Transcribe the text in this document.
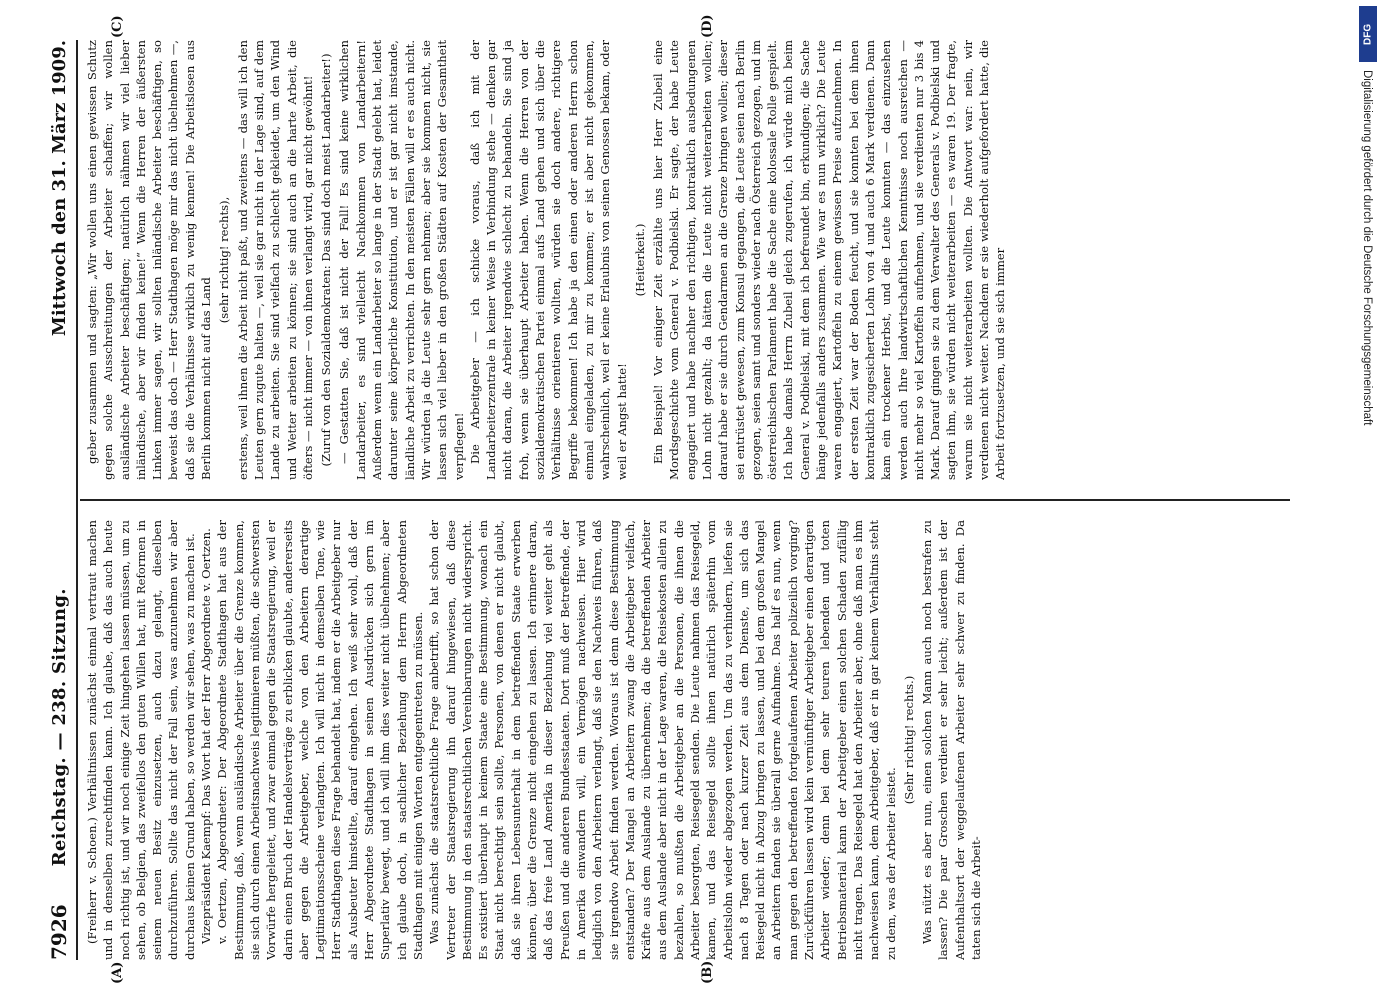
7926
Reichstag. — 238. Sitzung.
Mittwoch den 31. März 1909.
(A)	(B)
(C)	(D)

(Freiherr v. Schoen.) Verhältnissen zunächst einmal vertraut machen und in denselben zurechtfinden kann. Ich glaube, daß das auch heute noch richtig ist, und wir noch einige Zeit hingehen lassen müssen, um zu sehen, ob Belgien, das zweifellos den guten Willen hat, mit Reformen in seinem neuen Besitz einzusetzen, auch dazu gelangt, dieselben durchzuführen. Sollte das nicht der Fall sein, was anzunehmen wir aber durchaus keinen Grund haben, so werden wir sehen, was zu machen ist. Vizepräsident Kaempf: Das Wort hat der Herr Abgeordnete v. Oertzen. v. Oertzen, Abgeordneter: Der Abgeordnete Stadthagen hat aus der Bestimmung, daß, wenn ausländische Arbeiter über die Grenze kommen, sie sich durch einen Arbeitsnachweis legitimieren müßten, die schwersten Vorwürfe hergeleitet, und zwar einmal gegen die Staatsregierung, weil er darin einen Bruch der Handelsverträge zu erblicken glaubte, andererseits aber gegen die Arbeitgeber, welche von den Arbeitern derartige Legitimationsscheine verlangten. Ich will nicht in demselben Tone, wie Herr Stadthagen diese Frage behandelt hat, indem er die Arbeitgeber nur als Ausbeuter hinstellte, darauf eingehen. Ich weiß sehr wohl, daß der Herr Abgeordnete Stadthagen in seinen Ausdrücken sich gern im Superlativ bewegt, und ich will ihm dies weiter nicht übelnehmen; aber ich glaube doch, in sachlicher Beziehung dem Herrn Abgeordneten Stadthagen mit einigen Worten entgegentreten zu müssen. Was zunächst die staatsrechtliche Frage anbetrifft, so hat schon der Vertreter der Staatsregierung ihn darauf hingewiesen, daß diese Bestimmung in den staatsrechtlichen Vereinbarungen nicht widerspricht. Es existiert überhaupt in keinem Staate eine Bestimmung, wonach ein Staat nicht berechtigt sein sollte, Personen, von denen er nicht glaubt, daß sie ihren Lebensunterhalt in dem betreffenden Staate erwerben können, über die Grenze nicht eingehen zu lassen. Ich erinnere daran, daß das freie Land Amerika in dieser Beziehung viel weiter geht als Preußen und die anderen Bundesstaaten. Dort muß der Betreffende, der in Amerika einwandern will, ein Vermögen nachweisen. Hier wird lediglich von den Arbeitern verlangt, daß sie den Nachweis führen, daß sie irgendwo Arbeit finden werden. Woraus ist denn diese Bestimmung entstanden? Der Mangel an Arbeitern zwang die Arbeitgeber vielfach, Kräfte aus dem Auslande zu übernehmen; da die betreffenden Arbeiter aus dem Auslande aber nicht in der Lage waren, die Reisekosten allein zu bezahlen, so mußten die Arbeitgeber an die Personen, die ihnen die Arbeiter besorgten, Reisegeld senden. Die Leute nahmen das Reisegeld, kamen, und das Reisegeld sollte ihnen natürlich späterhin vom Arbeitslohn wieder abgezogen werden. Um das zu verhindern, liefen sie nach 8 Tagen oder nach kurzer Zeit aus dem Dienste, um sich das Reisegeld nicht in Abzug bringen zu lassen, und bei dem großen Mangel an Arbeitern fanden sie überall gerne Aufnahme. Das half es nun, wenn man gegen den betreffenden fortgelaufenen Arbeiter polizeilich vorging? Zurückführen lassen wird kein vernünftiger Arbeitgeber einen derartigen Arbeiter wieder; denn bei dem sehr teuren lebenden und toten Betriebsmaterial kann der Arbeitgeber einen solchen Schaden zufällig nicht tragen. Das Reisegeld hat den Arbeiter aber, ohne daß man es ihm nachweisen kann, dem Arbeitgeber, daß er in gar keinem Verhältnis steht zu dem, was der Arbeiter leistet.

(Sehr richtig! rechts.) Was nützt es aber nun, einen solchen Mann auch noch bestrafen zu lassen? Die paar Groschen verdient er sehr leicht; außerdem ist der Aufenthaltsort der weggelaufenen Arbeiter sehr schwer zu finden. Da taten sich die Arbeit-

geber zusammen und sagten: „Wir wollen uns einen gewissen Schutz gegen solche Ausschreitungen der Arbeiter schaffen; wir wollen ausländische Arbeiter beschäftigen; natürlich nähmen wir viel lieber inländische, aber wir finden keine!“ Wenn die Herren der äußersten Linken immer sagen, wir sollten inländische Arbeiter beschäftigen, so beweist das doch — Herr Stadthagen möge mir das nicht übelnehmen —, daß sie die Verhältnisse wirklich zu wenig kennen! Die Arbeitslosen aus Berlin kommen nicht auf das Land

(sehr richtig! rechts), erstens, weil ihnen die Arbeit nicht paßt, und zweitens — das will ich den Leuten gern zugute halten —, weil sie gar nicht in der Lage sind, auf dem Lande zu arbeiten. Sie sind vielfach zu schlecht gekleidet, um den Wind und Wetter arbeiten zu können; sie sind auch an die harte Arbeit, die öfters — nicht immer — von ihnen verlangt wird, gar nicht gewöhnt! (Zuruf von den Sozialdemokraten: Das sind doch meist Landarbeiter!) — Gestatten Sie, daß ist nicht der Fall! Es sind keine wirklichen Landarbeiter, es sind vielleicht Nachkommen von Landarbeitern! Außerdem wenn ein Landarbeiter so lange in der Stadt gelebt hat, leidet darunter seine körperliche Konstitution, und er ist gar nicht imstande, ländliche Arbeit zu verrichten. In den meisten Fällen will er es auch nicht. Wir würden ja die Leute sehr gern nehmen; aber sie kommen nicht, sie lassen sich viel lieber in den großen Städten auf Kosten der Gesamtheit verpflegen! Die Arbeitgeber — ich schicke voraus, daß ich mit der Landarbeiterzentrale in keiner Weise in Verbindung stehe — denken gar nicht daran, die Arbeiter irgendwie schlecht zu behandeln. Sie sind ja froh, wenn sie überhaupt Arbeiter haben. Wenn die Herren von der sozialdemokratischen Partei einmal aufs Land gehen und sich über die Verhältnisse orientieren wollten, würden sie doch andere, richtigere Begriffe bekommen! Ich habe ja den einen oder anderen Herrn schon einmal eingeladen, zu mir zu kommen; er ist aber nicht gekommen, wahrscheinlich, weil er keine Erlaubnis von seinen Genossen bekam, oder weil er Angst hatte!

(Heiterkeit.) Ein Beispiel! Vor einiger Zeit erzählte uns hier Herr Zubeil eine Mordsgeschichte vom General v. Podbielski. Er sagte, der habe Leute engagiert und habe nachher den richtigen, kontraktlich ausbedungenen Lohn nicht gezahlt; da hätten die Leute nicht weiterarbeiten wollen; darauf habe er sie durch Gendarmen an die Grenze bringen wollen; dieser sei entrüstet gewesen, zum Konsul gegangen, die Leute seien nach Berlin gezogen, seien samt und sonders wieder nach Österreich gezogen, und im österreichischen Parlament habe die Sache eine kolossale Rolle gespielt. Ich habe damals Herrn Zubeil gleich zugerufen, ich würde mich beim General v. Podbielski, mit dem ich befreundet bin, erkundigen; die Sache hänge jedenfalls anders zusammen. Wie war es nun wirklich? Die Leute waren engagiert, Kartoffeln zu einem gewissen Preise aufzunehmen. In der ersten Zeit war der Boden feucht, und sie konnten bei dem ihnen kontraktlich zugesicherten Lohn von 4 und auch 6 Mark verdienen. Dann kam ein trockener Herbst, und die Leute konnten — das einzusehen werden auch Ihre landwirtschaftlichen Kenntnisse noch ausreichen — nicht mehr so viel Kartoffeln aufnehmen, und sie verdienten nur 3 bis 4 Mark. Darauf gingen sie zu dem Verwalter des Generals v. Podbielski und sagten ihm, sie würden nicht weiterarbeiten — es waren 19. Der fragte, warum sie nicht weiterarbeiten wollten. Die Antwort war: nein, wir verdienen nicht weiter. Nachdem er sie wiederholt aufgefordert hatte, die Arbeit fortzusetzen, und sie sich immer

DFG
Digitalisierung gefördert durch die Deutsche Forschungsgemeinschaft
